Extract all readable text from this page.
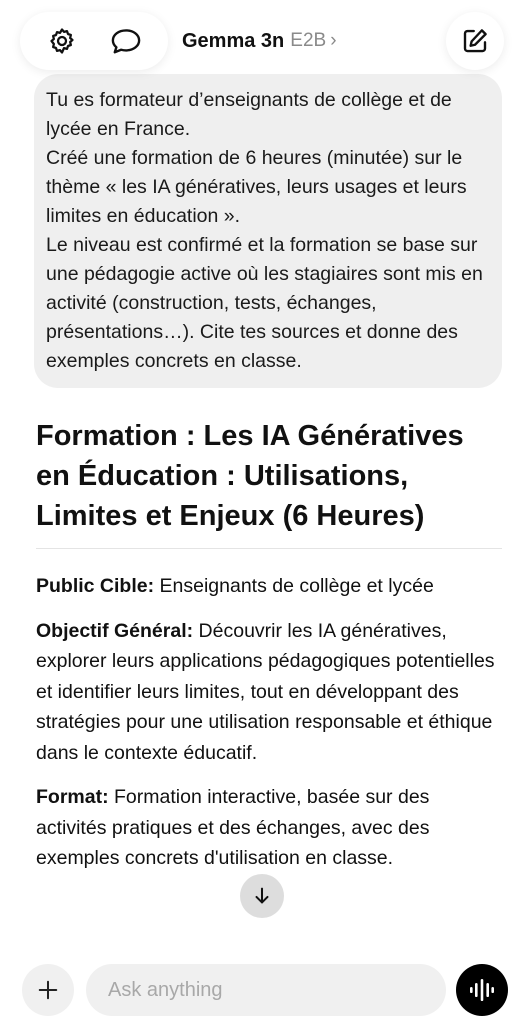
Gemma 3n E2B ›
Tu es formateur d’enseignants de collège et de lycée en France.
Créé une formation de 6 heures (minutée) sur le thème « les IA génératives, leurs usages et leurs limites en éducation ».
Le niveau est confirmé et la formation se base sur une pédagogie active où les stagiaires sont mis en activité (construction, tests, échanges, présentations…). Cite tes sources et donne des exemples concrets en classe.
Formation : Les IA Génératives en Éducation : Utilisations, Limites et Enjeux (6 Heures)

Public Cible: Enseignants de collège et lycée

Objectif Général: Découvrir les IA génératives, explorer leurs applications pédagogiques potentielles et identifier leurs limites, tout en développant des stratégies pour une utilisation responsable et éthique dans le contexte éducatif.

Format: Formation interactive, basée sur des activités pratiques et des échanges, avec des exemples concrets d'utilisation en classe.

Ask anything
